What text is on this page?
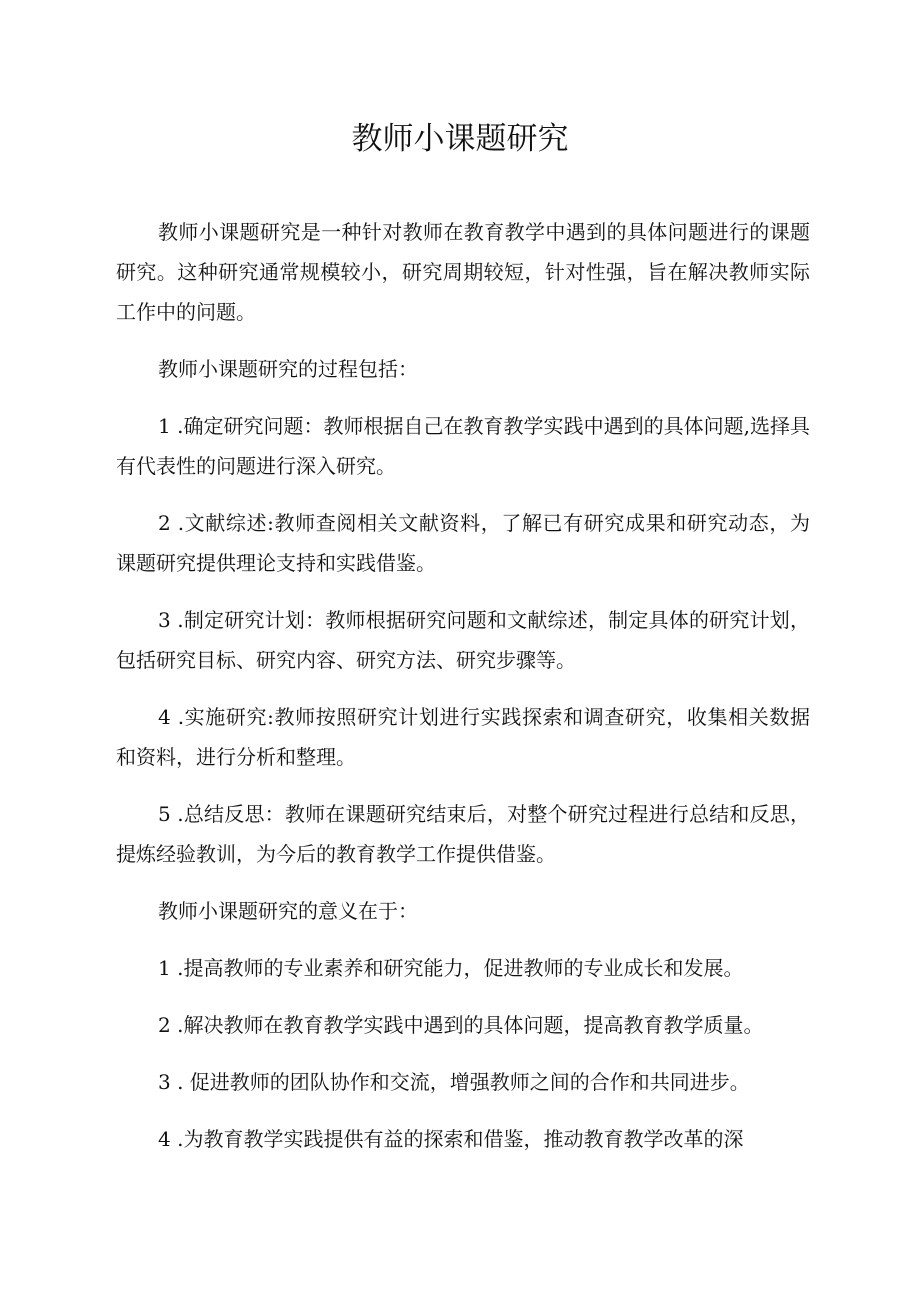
教师小课题研究

教师小课题研究是一种针对教师在教育教学中遇到的具体问题进行的课题研究。这种研究通常规模较小，研究周期较短，针对性强，旨在解决教师实际工作中的问题。

教师小课题研究的过程包括：

1 .确定研究问题：教师根据自己在教育教学实践中遇到的具体问题,选择具有代表性的问题进行深入研究。

2 .文献综述:教师查阅相关文献资料，了解已有研究成果和研究动态，为课题研究提供理论支持和实践借鉴。

3 .制定研究计划：教师根据研究问题和文献综述，制定具体的研究计划，包括研究目标、研究内容、研究方法、研究步骤等。

4 .实施研究:教师按照研究计划进行实践探索和调查研究，收集相关数据和资料，进行分析和整理。

5 .总结反思：教师在课题研究结束后，对整个研究过程进行总结和反思，提炼经验教训，为今后的教育教学工作提供借鉴。

教师小课题研究的意义在于：

1 .提高教师的专业素养和研究能力，促进教师的专业成长和发展。

2 .解决教师在教育教学实践中遇到的具体问题，提高教育教学质量。

3 . 促进教师的团队协作和交流，增强教师之间的合作和共同进步。

4 .为教育教学实践提供有益的探索和借鉴，推动教育教学改革的深
